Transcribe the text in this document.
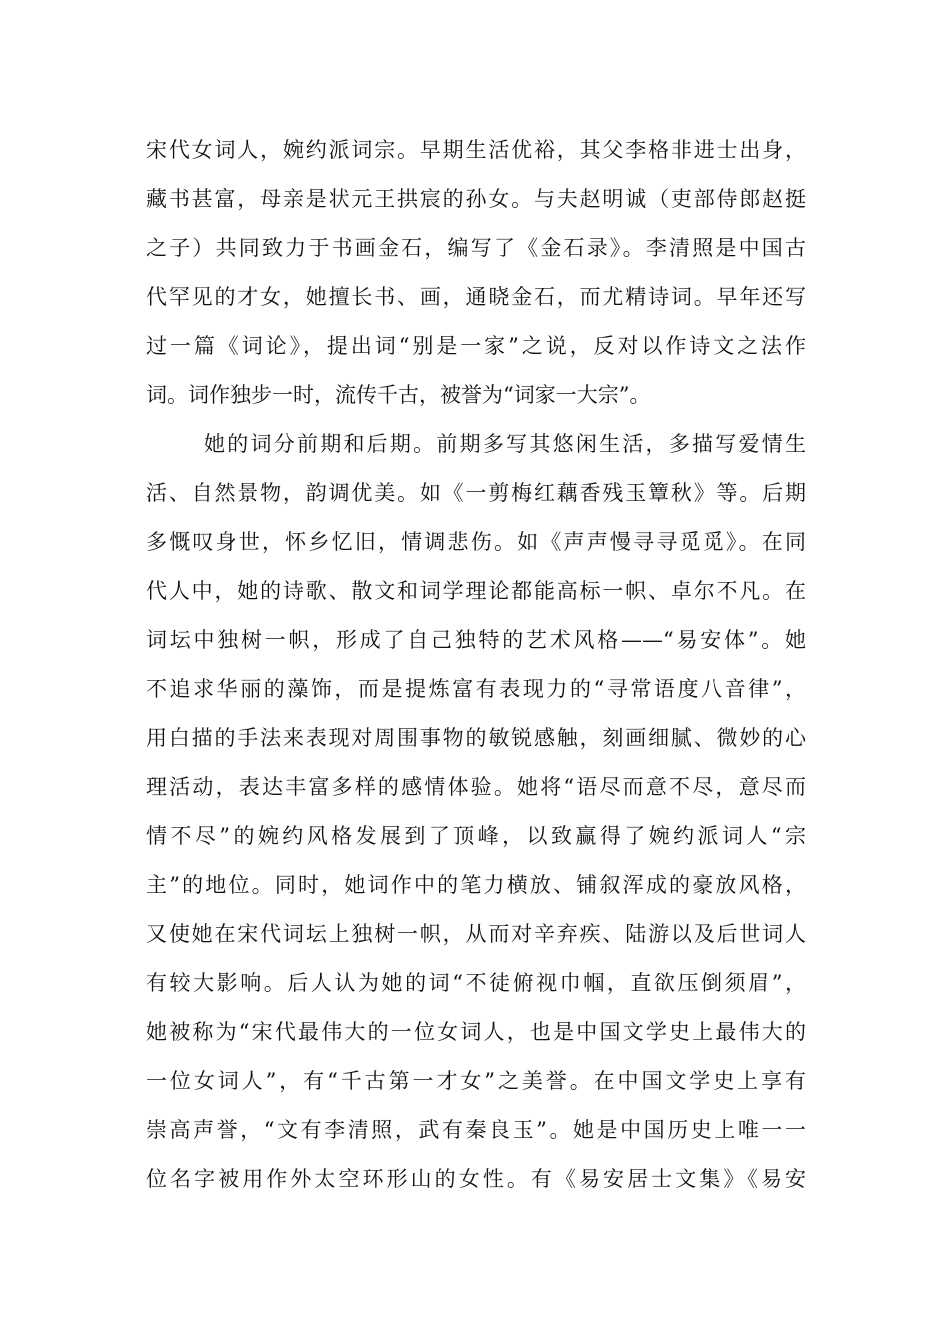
宋代女词人，婉约派词宗。早期生活优裕，其父李格非进士出身，
藏书甚富，母亲是状元王拱宸的孙女。与夫赵明诚（吏部侍郎赵挺
之子）共同致力于书画金石，编写了《金石录》。李清照是中国古
代罕见的才女，她擅长书、画，通晓金石，而尤精诗词。早年还写
过一篇《词论》，提出词“别是一家”之说，反对以作诗文之法作
词。词作独步一时，流传千古，被誉为“词家一大宗”。
她的词分前期和后期。前期多写其悠闲生活，多描写爱情生
活、自然景物，韵调优美。如《一剪梅红藕香残玉簟秋》等。后期
多慨叹身世，怀乡忆旧，情调悲伤。如《声声慢寻寻觅觅》。在同
代人中，她的诗歌、散文和词学理论都能高标一帜、卓尔不凡。在
词坛中独树一帜，形成了自己独特的艺术风格——“易安体”。她
不追求华丽的藻饰，而是提炼富有表现力的“寻常语度八音律”，
用白描的手法来表现对周围事物的敏锐感触，刻画细腻、微妙的心
理活动，表达丰富多样的感情体验。她将“语尽而意不尽，意尽而
情不尽”的婉约风格发展到了顶峰，以致赢得了婉约派词人“宗
主”的地位。同时，她词作中的笔力横放、铺叙浑成的豪放风格，
又使她在宋代词坛上独树一帜，从而对辛弃疾、陆游以及后世词人
有较大影响。后人认为她的词“不徒俯视巾帼，直欲压倒须眉”，
她被称为“宋代最伟大的一位女词人，也是中国文学史上最伟大的
一位女词人”，有“千古第一才女”之美誉。在中国文学史上享有
崇高声誉，“文有李清照，武有秦良玉”。她是中国历史上唯一一
位名字被用作外太空环形山的女性。有《易安居士文集》《易安
